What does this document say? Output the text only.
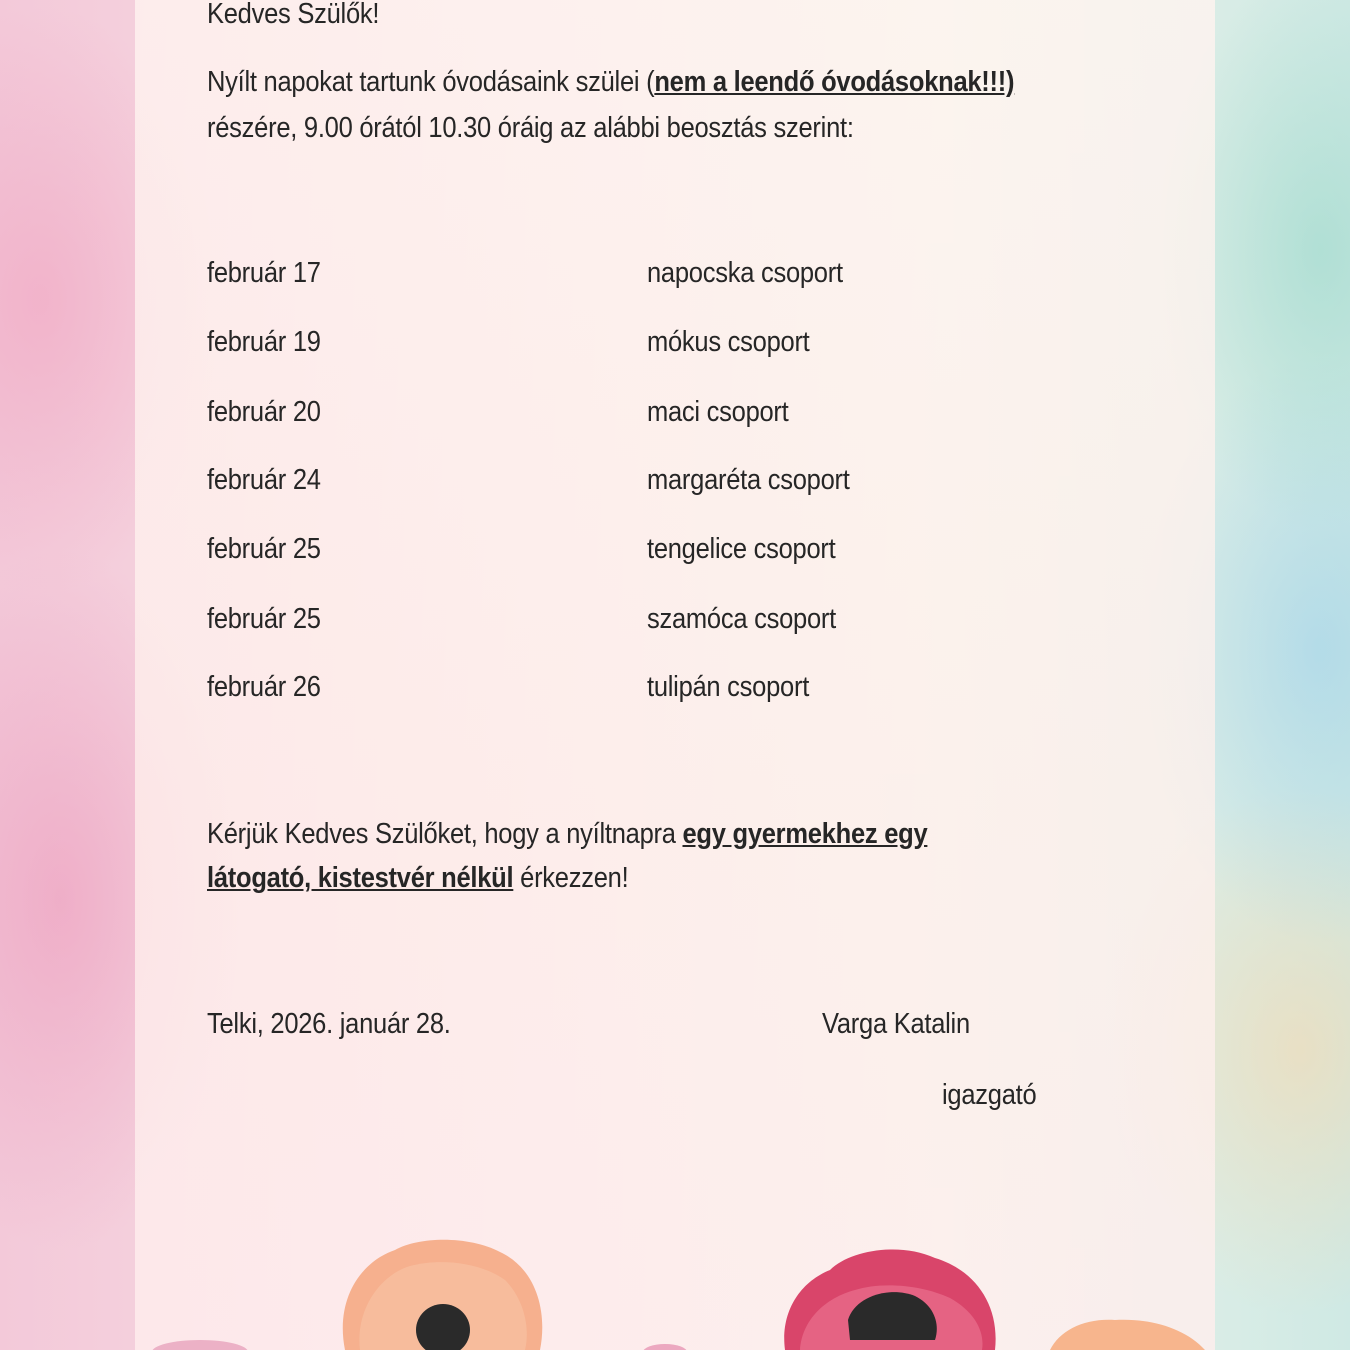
Kedves Szülők!
Nyílt napokat tartunk óvodásaink szülei (nem a leendő óvodásoknak!!!)
részére, 9.00 órától 10.30 óráig az alábbi beosztás szerint:
február 17	napocska csoport
február 19	mókus csoport
február 20	maci csoport
február 24	margaréta csoport
február 25	tengelice csoport
február 25	szamóca csoport
február 26	tulipán csoport
Kérjük Kedves Szülőket, hogy a nyíltnapra egy gyermekhez egy
látogató, kistestvér nélkül érkezzen!
Telki, 2026. január 28.	Varga Katalin
igazgató
